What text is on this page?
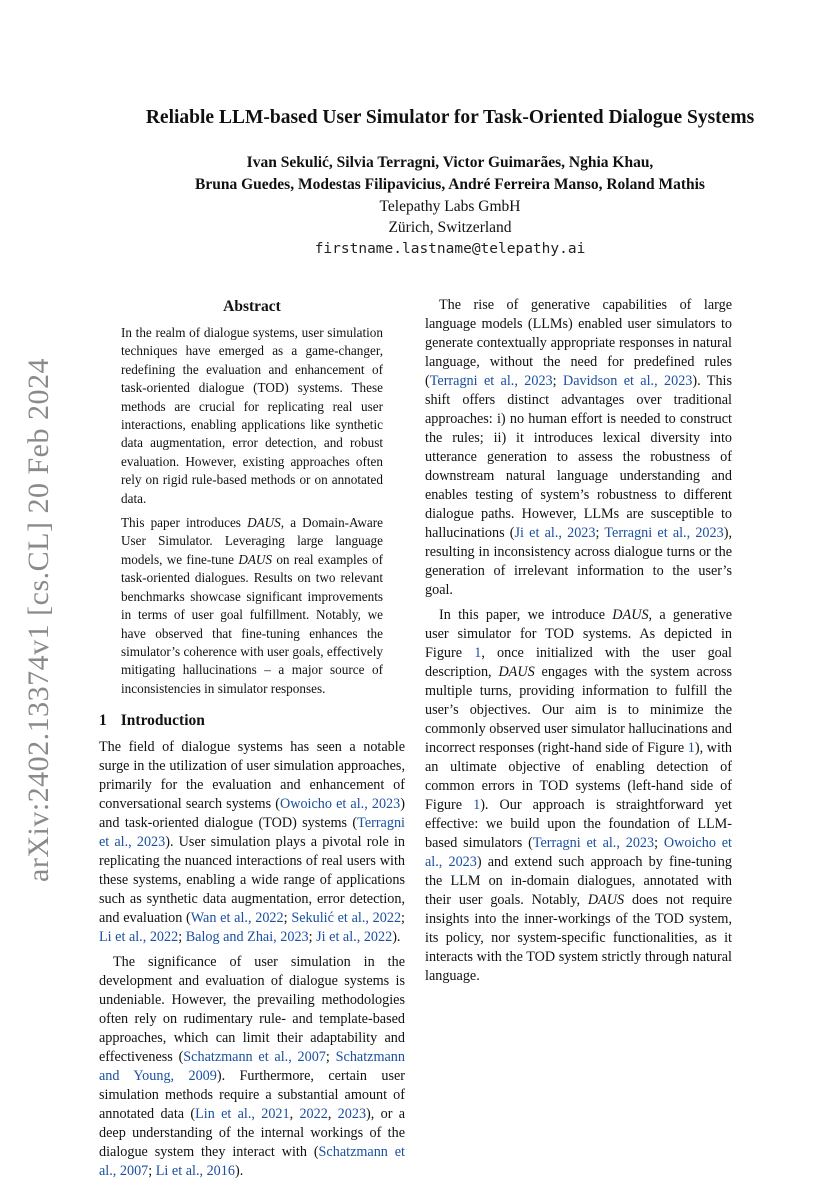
arXiv:2402.13374v1 [cs.CL] 20 Feb 2024
Reliable LLM-based User Simulator for Task-Oriented Dialogue Systems
Ivan Sekulić, Silvia Terragni, Victor Guimarães, Nghia Khau,
Bruna Guedes, Modestas Filipavicius, André Ferreira Manso, Roland Mathis
Telepathy Labs GmbH
Zürich, Switzerland
firstname.lastname@telepathy.ai
Abstract

In the realm of dialogue systems, user simulation techniques have emerged as a game-changer, redefining the evaluation and enhancement of task-oriented dialogue (TOD) systems. These methods are crucial for replicating real user interactions, enabling applications like synthetic data augmentation, error detection, and robust evaluation. However, existing approaches often rely on rigid rule-based methods or on annotated data.

This paper introduces DAUS, a Domain-Aware User Simulator. Leveraging large language models, we fine-tune DAUS on real examples of task-oriented dialogues. Results on two relevant benchmarks showcase significant improvements in terms of user goal fulfillment. Notably, we have observed that fine-tuning enhances the simulator’s coherence with user goals, effectively mitigating hallucinations – a major source of inconsistencies in simulator responses.

1 Introduction

The field of dialogue systems has seen a notable surge in the utilization of user simulation approaches, primarily for the evaluation and enhancement of conversational search systems (Owoicho et al., 2023) and task-oriented dialogue (TOD) systems (Terragni et al., 2023). User simulation plays a pivotal role in replicating the nuanced interactions of real users with these systems, enabling a wide range of applications such as synthetic data augmentation, error detection, and evaluation (Wan et al., 2022; Sekulić et al., 2022; Li et al., 2022; Balog and Zhai, 2023; Ji et al., 2022).

The significance of user simulation in the development and evaluation of dialogue systems is undeniable. However, the prevailing methodologies often rely on rudimentary rule- and template-based approaches, which can limit their adaptability and effectiveness (Schatzmann et al., 2007; Schatzmann and Young, 2009). Furthermore, certain user simulation methods require a substantial amount of annotated data (Lin et al., 2021, 2022, 2023), or a deep understanding of the internal workings of the dialogue system they interact with (Schatzmann et al., 2007; Li et al., 2016).

The rise of generative capabilities of large language models (LLMs) enabled user simulators to generate contextually appropriate responses in natural language, without the need for predefined rules (Terragni et al., 2023; Davidson et al., 2023). This shift offers distinct advantages over traditional approaches: i) no human effort is needed to construct the rules; ii) it introduces lexical diversity into utterance generation to assess the robustness of downstream natural language understanding and enables testing of system’s robustness to different dialogue paths. However, LLMs are susceptible to hallucinations (Ji et al., 2023; Terragni et al., 2023), resulting in inconsistency across dialogue turns or the generation of irrelevant information to the user’s goal.

In this paper, we introduce DAUS, a generative user simulator for TOD systems. As depicted in Figure 1, once initialized with the user goal description, DAUS engages with the system across multiple turns, providing information to fulfill the user’s objectives. Our aim is to minimize the commonly observed user simulator hallucinations and incorrect responses (right-hand side of Figure 1), with an ultimate objective of enabling detection of common errors in TOD systems (left-hand side of Figure 1). Our approach is straightforward yet effective: we build upon the foundation of LLM-based simulators (Terragni et al., 2023; Owoicho et al., 2023) and extend such approach by fine-tuning the LLM on in-domain dialogues, annotated with their user goals. Notably, DAUS does not require insights into the inner-workings of the TOD system, its policy, nor system-specific functionalities, as it interacts with the TOD system strictly through natural language.
